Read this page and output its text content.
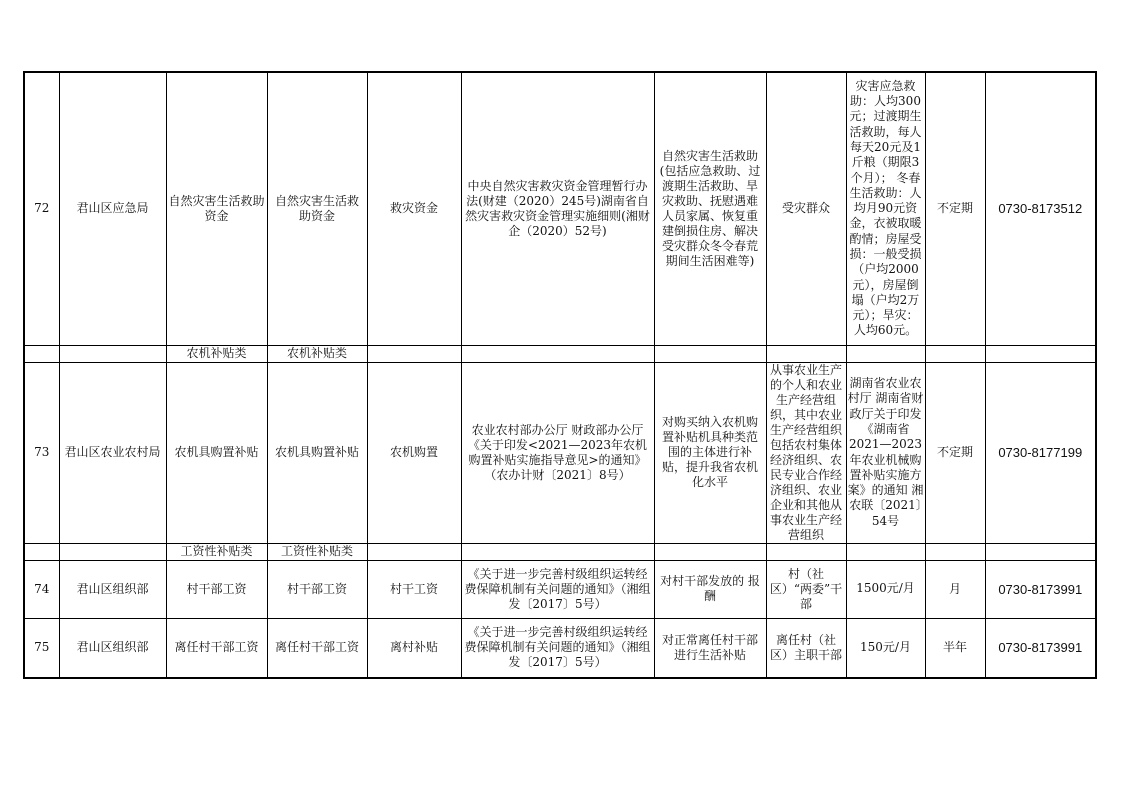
72	君山区应急局	自然灾害生活救助资金	自然灾害生活救助资金	救灾资金	中央自然灾害救灾资金管理暂行办法(财建（2020）245号)湖南省自然灾害救灾资金管理实施细则(湘财企（2020）52号)	自然灾害生活救助(包括应急救助、过渡期生活救助、旱灾救助、抚慰遇难人员家属、恢复重建倒损住房、解决受灾群众冬令春荒期间生活困难等)	受灾群众	灾害应急救助：人均300元；过渡期生活救助，每人每天20元及1斤粮（期限3个月）； 冬春生活救助：人均月90元资金，衣被取暖酌情；房屋受损：一般受损（户均2000元），房屋倒塌（户均2万元）；旱灾：人均60元。	不定期	0730-8173512
		农机补贴类	农机补贴类							
73	君山区农业农村局	农机具购置补贴	农机具购置补贴	农机购置	农业农村部办公厅 财政部办公厅《关于印发<2021—2023年农机购置补贴实施指导意见>的通知》（农办计财〔2021〕8号）	对购买纳入农机购置补贴机具种类范围的主体进行补贴，提升我省农机化水平	从事农业生产的个人和农业生产经营组织，其中农业生产经营组织包括农村集体经济组织、农民专业合作经济组织、农业企业和其他从事农业生产经营组织	湖南省农业农村厅 湖南省财政厅关于印发《湖南省2021—2023年农业机械购置补贴实施方案》的通知 湘农联〔2021〕54号	不定期	0730-8177199
		工资性补贴类	工资性补贴类							
74	君山区组织部	村干部工资	村干部工资	村干工资	《关于进一步完善村级组织运转经费保障机制有关问题的通知》（湘组发〔2017〕5号）	对村干部发放的 报酬	村（社区）“两委”干部	1500元/月	月	0730-8173991
75	君山区组织部	离任村干部工资	离任村干部工资	离村补贴	《关于进一步完善村级组织运转经费保障机制有关问题的通知》（湘组发〔2017〕5号）	对正常离任村干部进行生活补贴	离任村（社区）主职干部	150元/月	半年	0730-8173991
